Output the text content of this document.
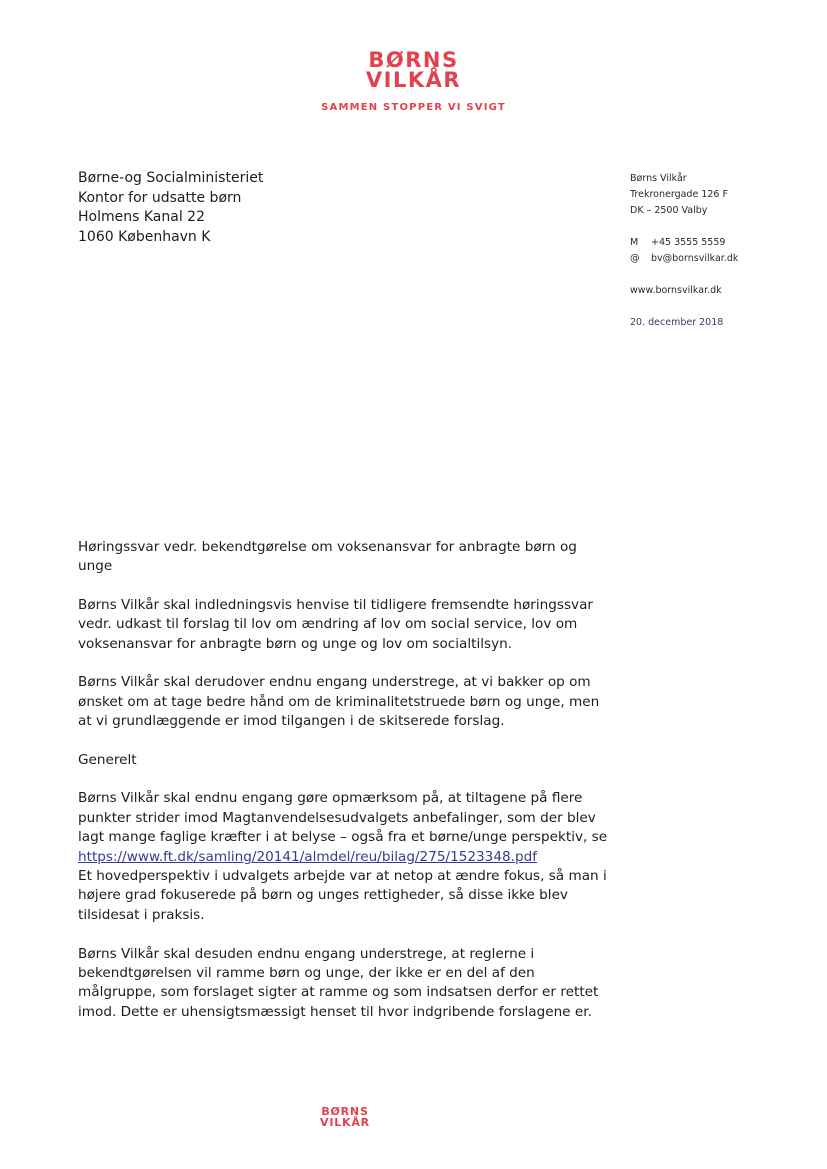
BØRNS
VILKÅR
SAMMEN STOPPER VI SVIGT
Børne-og Socialministeriet
Kontor for udsatte børn
Holmens Kanal 22
1060 København K
Børns Vilkår
Trekronergade 126 F
DK – 2500 Valby
M +45 3555 5559
@ bv@bornsvilkar.dk
www.bornsvilkar.dk
20. december 2018
Høringssvar vedr. bekendtgørelse om voksenansvar for anbragte børn og unge

Børns Vilkår skal indledningsvis henvise til tidligere fremsendte høringssvar vedr. udkast til forslag til lov om ændring af lov om social service, lov om voksenansvar for anbragte børn og unge og lov om socialtilsyn.

Børns Vilkår skal derudover endnu engang understrege, at vi bakker op om ønsket om at tage bedre hånd om de kriminalitetstruede børn og unge, men at vi grundlæggende er imod tilgangen i de skitserede forslag.

Generelt

Børns Vilkår skal endnu engang gøre opmærksom på, at tiltagene på flere punkter strider imod Magtanvendelsesudvalgets anbefalinger, som der blev lagt mange faglige kræfter i at belyse – også fra et børne/unge perspektiv, se
https://www.ft.dk/samling/20141/almdel/reu/bilag/275/1523348.pdf
Et hovedperspektiv i udvalgets arbejde var at netop at ændre fokus, så man i højere grad fokuserede på børn og unges rettigheder, så disse ikke blev tilsidesat i praksis.

Børns Vilkår skal desuden endnu engang understrege, at reglerne i bekendtgørelsen vil ramme børn og unge, der ikke er en del af den målgruppe, som forslaget sigter at ramme og som indsatsen derfor er rettet imod. Dette er uhensigtsmæssigt henset til hvor indgribende forslagene er.

BØRNS
VILKÅR
